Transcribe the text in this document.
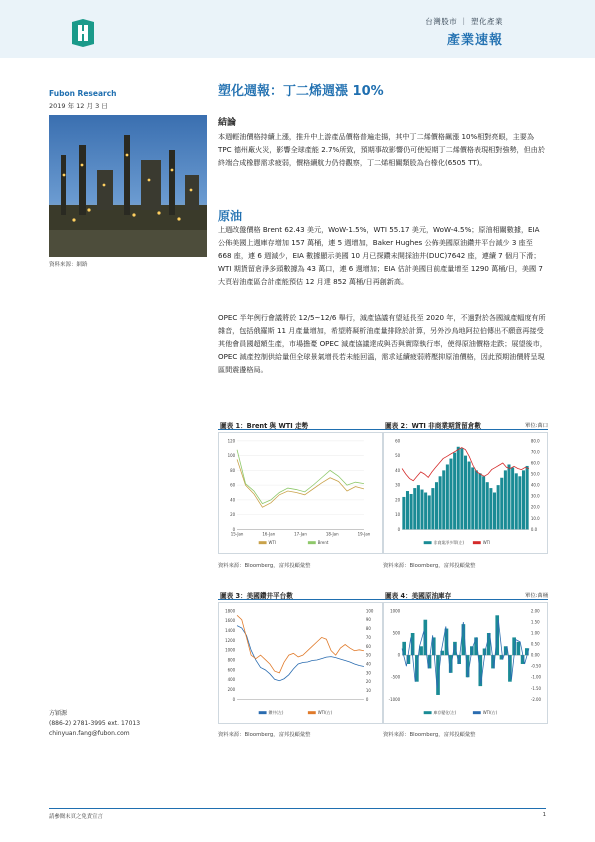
台灣股市 ｜ 塑化產業
產業速報
Fubon Research
2019 年 12 月 3 日
資料來源：網路
塑化週報：丁二烯週漲 10%
結論
本週輕油價格持續上漲，推升中上游產品價格普遍走揚，其中丁二烯價格飆漲 10%相對亮眼，主要為 TPC 德州廠火災，影響全球產能 2.7%所致，預期事故影響仍可使短期丁二烯價格表現相對強勢，但由於終端合成橡膠需求疲弱，價格續航力仍待觀察，丁二烯相關類股為台橡化(6505 TT)。
原油
上週改盤價格 Brent 62.43 美元，WoW-1.5%，WTI 55.17 美元，WoW-4.5%；原油相關數據，EIA 公佈美國上週庫存增加 157 萬桶，連 5 週增加，Baker Hughes 公佈美國原油鑽井平台減少 3 座至 668 座，連 6 週減少，EIA 數據顯示美國 10 月已探鑽未開採油井(DUC)7642 座，連續 7 個月下滑；WTI 期貨留倉淨多頭數據為 43 萬口，連 6 週增加；EIA 估計美國目前產量增至 1290 萬桶/日，美國 7 大頁岩油產區合計產能預估 12 月達 852 萬桶/日再創新高。
OPEC 半年例行會議將於 12/5~12/6 舉行，減產協議有望延長至 2020 年，不過對於各國減產幅度有所雜音，包括俄羅斯 11 月產量增加，希望將凝析油產量排除於計算，另外沙烏地阿拉伯傳出不願意再接受其他會員國超額生產，市場擔憂 OPEC 減產協議達成與否與實際執行率，使得原油價格走跌；展望後市，OPEC 減產控制供給量但全球景氣增長若未能回溫，需求延續疲弱將壓抑原油價格，因此預期油價將呈現區間震盪格局。
圖表 1：Brent 與 WTI 走勢
0
20
40
60
80
100
120
15-Jan	16-Jan	17-Jan	18-Jan	19-Jan
WTI	Brent
資料來源：Bloomberg，富邦投顧彙整
圖表 2：WTI 非商業期貨留倉數	單位:萬口
0
10
20
30
40
50
60
0.0
10.0
20.0
30.0
40.0
50.0
60.0
70.0
80.0
非商業淨多單(左)	WTI
資料來源：Bloomberg，富邦投顧彙整
圖表 3：美國鑽井平台數
0
200
400
600
800
1000
1200
1400
1600
1800
0
10
20
30
40
50
60
70
80
90
100
鑽井(左)	WTI(右)
資料來源：Bloomberg，富邦投顧彙整
圖表 4：美國原油庫存	單位:萬桶
-1000
-500
0
500
1000
-2.00
-1.50
-1.00
-0.50
0.00
0.50
1.00
1.50
2.00
庫存變化(左)	WTI(右)
資料來源：Bloomberg，富邦投顧彙整
方穎源
(886-2) 2781-3995 ext. 17013
chinyuan.fang@fubon.com
請參閱末頁之免責宣言	1
